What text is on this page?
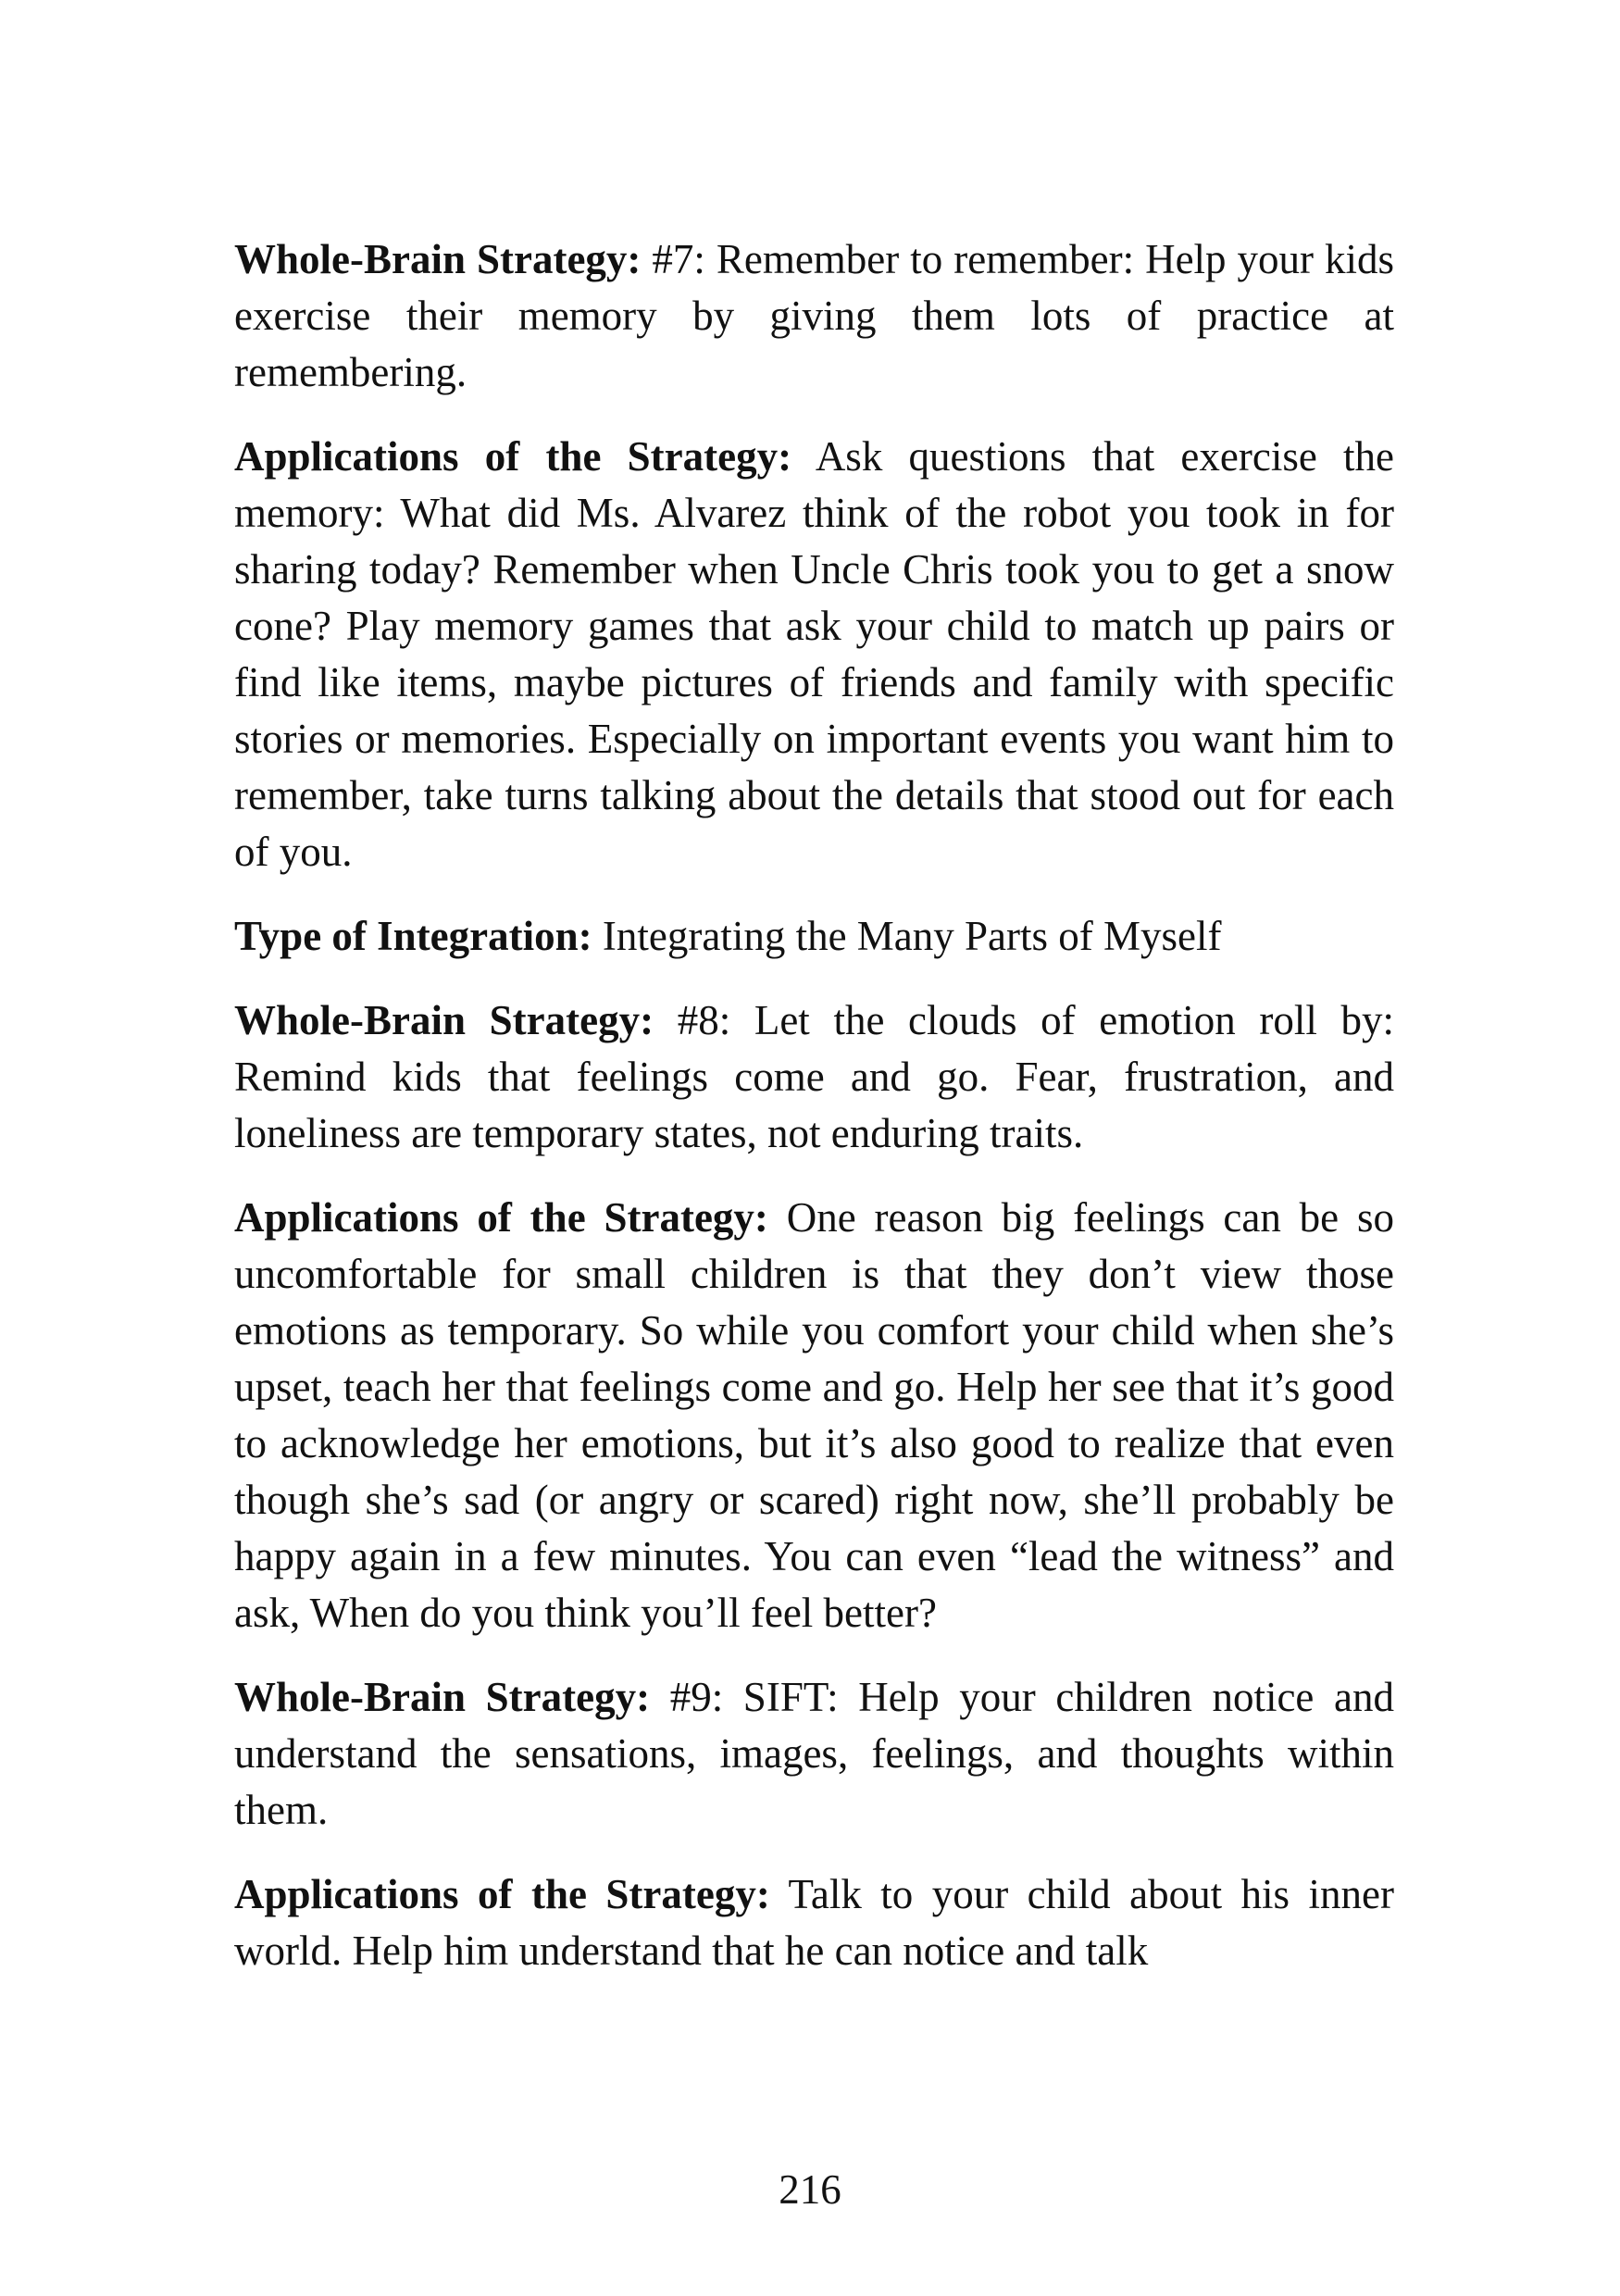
Whole-Brain Strategy: #7: Remember to remember: Help your kids exercise their memory by giving them lots of practice at remembering.

Applications of the Strategy: Ask questions that exercise the memory: What did Ms. Alvarez think of the robot you took in for sharing today? Remember when Uncle Chris took you to get a snow cone? Play memory games that ask your child to match up pairs or find like items, maybe pictures of friends and family with specific stories or memories. Especially on important events you want him to remember, take turns talking about the details that stood out for each of you.

Type of Integration: Integrating the Many Parts of Myself

Whole-Brain Strategy: #8: Let the clouds of emotion roll by: Remind kids that feelings come and go. Fear, frustration, and loneliness are temporary states, not enduring traits.

Applications of the Strategy: One reason big feelings can be so uncomfortable for small children is that they don’t view those emotions as temporary. So while you comfort your child when she’s upset, teach her that feelings come and go. Help her see that it’s good to acknowledge her emotions, but it’s also good to realize that even though she’s sad (or angry or scared) right now, she’ll probably be happy again in a few minutes. You can even “lead the witness” and ask, When do you think you’ll feel better?

Whole-Brain Strategy: #9: SIFT: Help your children notice and understand the sensations, images, feelings, and thoughts within them.

Applications of the Strategy: Talk to your child about his inner world. Help him understand that he can notice and talk

216
